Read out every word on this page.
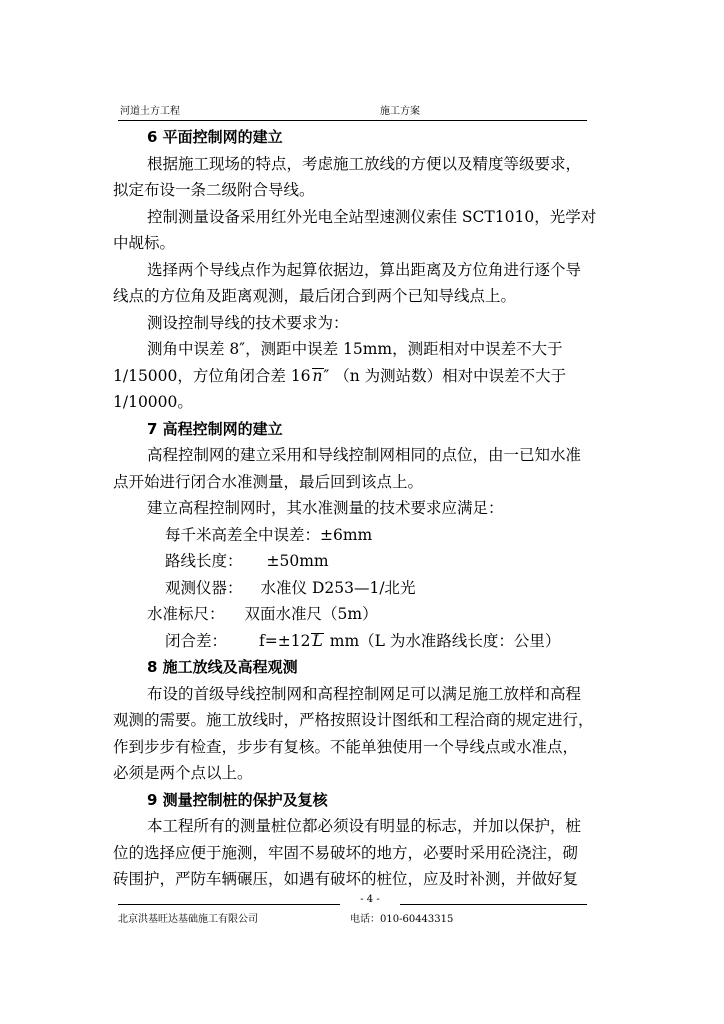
河道土方工程	施工方案
6 平面控制网的建立
根据施工现场的特点，考虑施工放线的方便以及精度等级要求，
拟定布设一条二级附合导线。
控制测量设备采用红外光电全站型速测仪索佳 SCT1010，光学对
中觇标。
选择两个导线点作为起算依据边，算出距离及方位角进行逐个导
线点的方位角及距离观测，最后闭合到两个已知导线点上。
测设控制导线的技术要求为：
测角中误差 8″，测距中误差 15mm，测距相对中误差不大于
1/15000，方位角闭合差 16 n″ （n 为测站数）相对中误差不大于
1/10000。
7 高程控制网的建立
高程控制网的建立采用和导线控制网相同的点位，由一已知水准
点开始进行闭合水准测量，最后回到该点上。
建立高程控制网时，其水准测量的技术要求应满足：
每千米高差全中误差：±6mm
路线长度： ±50mm
观测仪器： 水准仪 D253—1/北光
水准标尺： 双面水准尺（5m）
闭合差： f=±12 L mm（L 为水准路线长度：公里）
8 施工放线及高程观测
布设的首级导线控制网和高程控制网足可以满足施工放样和高程
观测的需要。施工放线时，严格按照设计图纸和工程洽商的规定进行，
作到步步有检查，步步有复核。不能单独使用一个导线点或水准点，
必须是两个点以上。
9 测量控制桩的保护及复核
本工程所有的测量桩位都必须设有明显的标志，并加以保护，桩
位的选择应便于施测，牢固不易破坏的地方，必要时采用砼浇注，砌
砖围护，严防车辆碾压，如遇有破坏的桩位，应及时补测，并做好复
- 4 -
北京洪基旺达基础施工有限公司	电话：010-60443315
